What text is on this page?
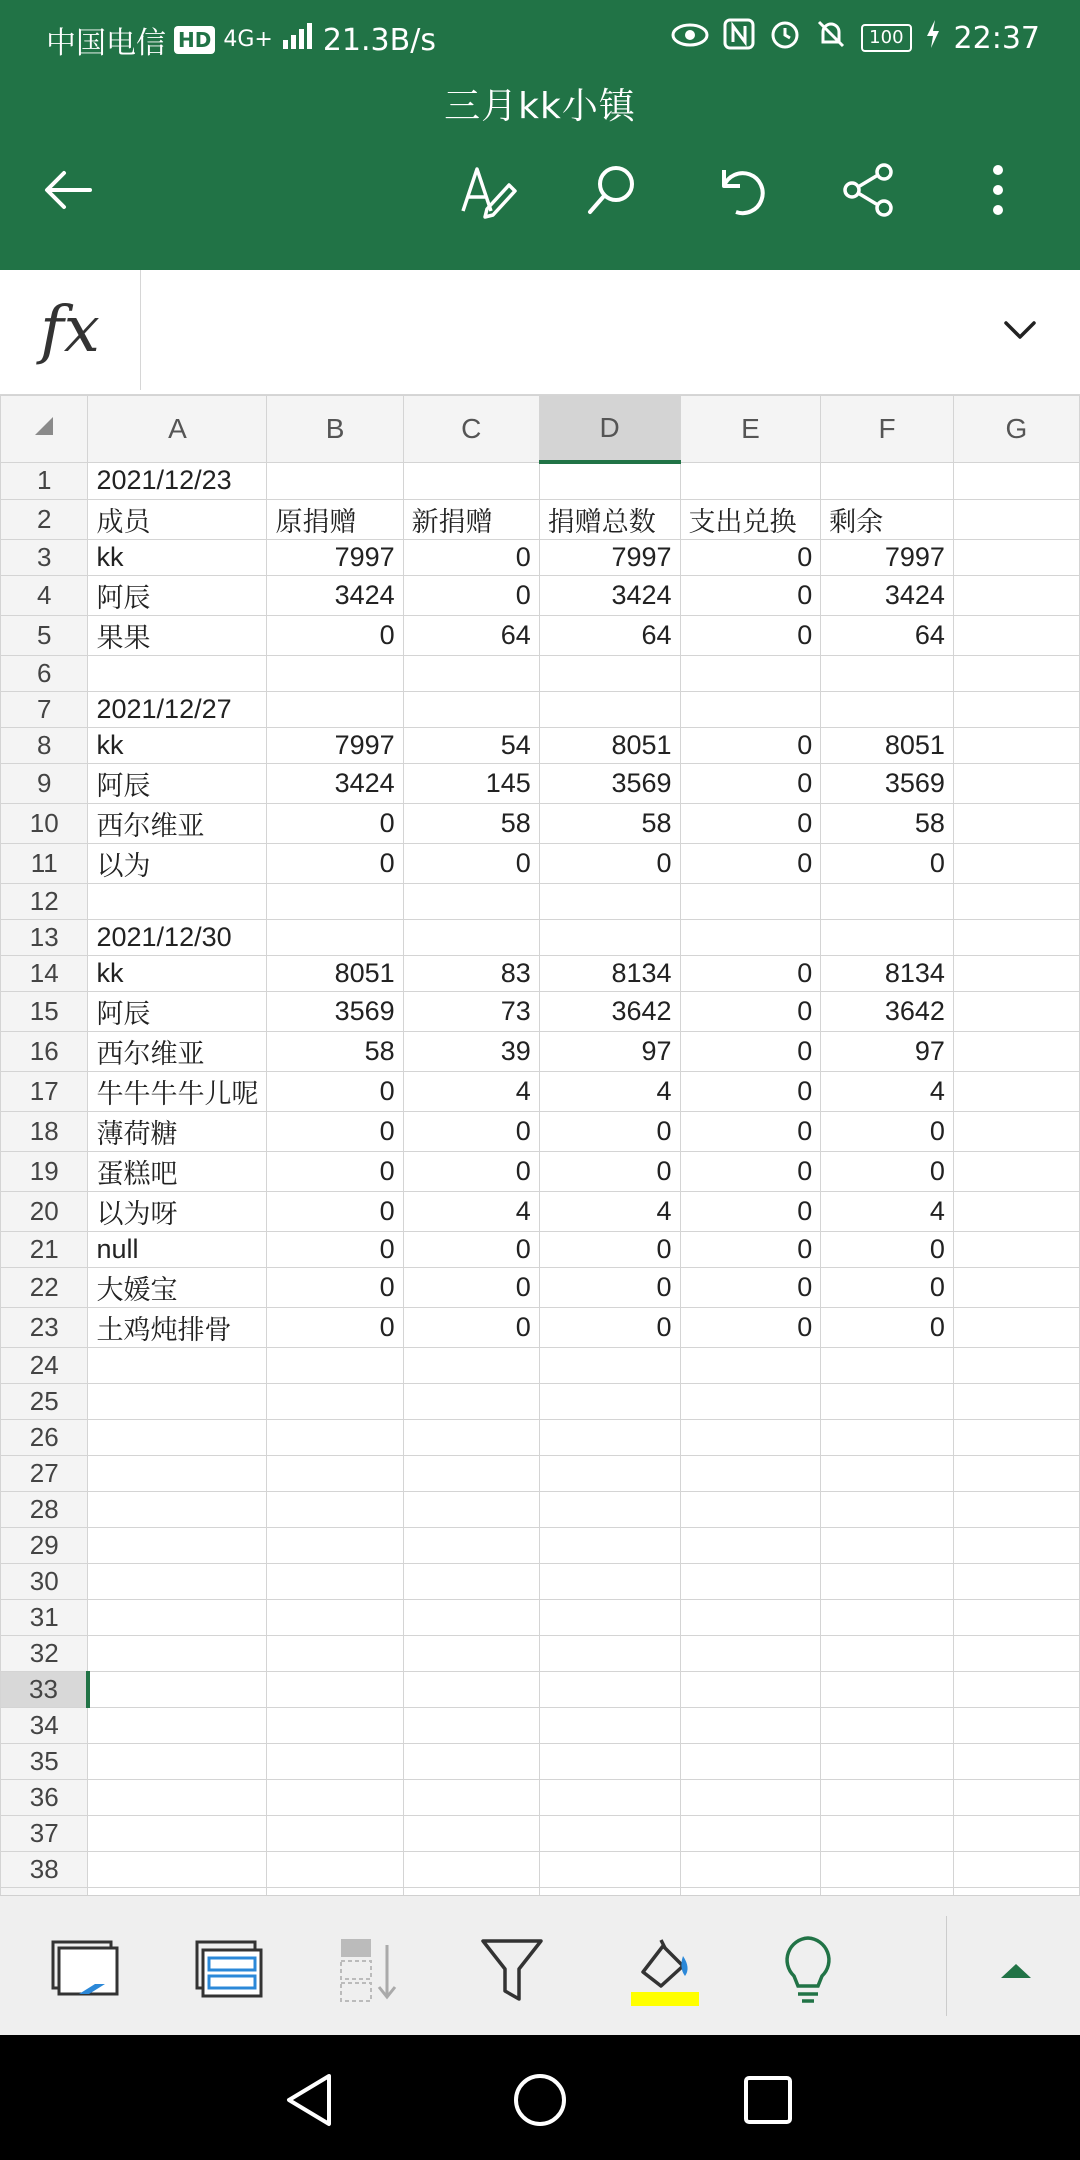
中国电信 HD 4G+ 21.3B/s	100 22:37
三月kk小镇
fx
	A	B	C	D	E	F	G
1	2021/12/23						
2	成员	原捐赠	新捐赠	捐赠总数	支出兑换	剩余	
3	kk	7997	0	7997	0	7997	
4	阿辰	3424	0	3424	0	3424	
5	果果	0	64	64	0	64	
6							
7	2021/12/27						
8	kk	7997	54	8051	0	8051	
9	阿辰	3424	145	3569	0	3569	
10	西尔维亚	0	58	58	0	58	
11	以为	0	0	0	0	0	
12							
13	2021/12/30						
14	kk	8051	83	8134	0	8134	
15	阿辰	3569	73	3642	0	3642	
16	西尔维亚	58	39	97	0	97	
17	牛牛牛牛儿呢	0	4	4	0	4	
18	薄荷糖	0	0	0	0	0	
19	蛋糕吧	0	0	0	0	0	
20	以为呀	0	4	4	0	4	
21	null	0	0	0	0	0	
22	大媛宝	0	0	0	0	0	
23	土鸡炖排骨	0	0	0	0	0	
24							
25							
26							
27							
28							
29							
30							
31							
32							
33							
34							
35							
36							
37							
38							
